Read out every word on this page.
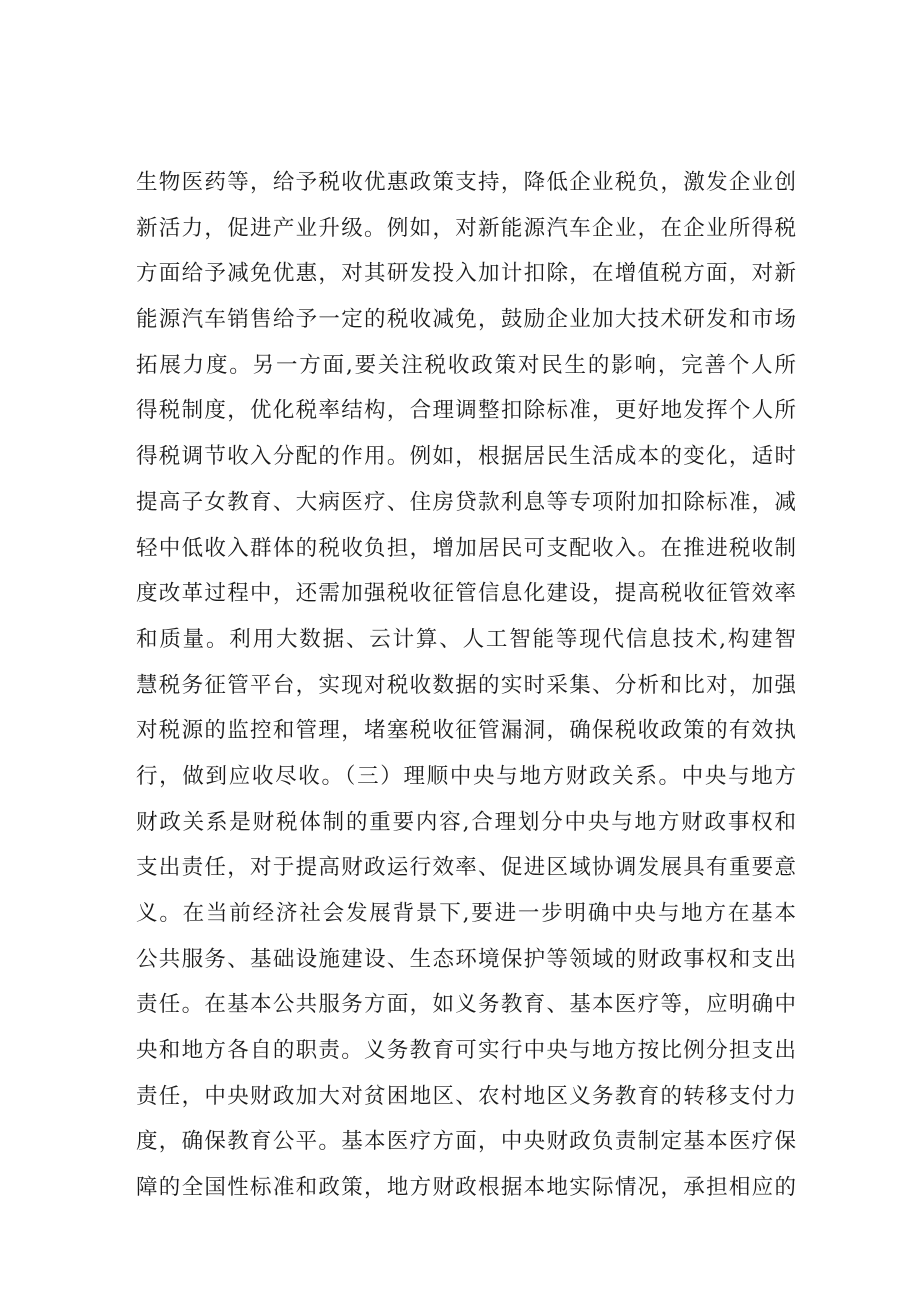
生物医药等，给予税收优惠政策支持，降低企业税负，激发企业创
新活力，促进产业升级。例如，对新能源汽车企业，在企业所得税
方面给予减免优惠，对其研发投入加计扣除，在增值税方面，对新
能源汽车销售给予一定的税收减免，鼓励企业加大技术研发和市场
拓展力度。另一方面,要关注税收政策对民生的影响，完善个人所
得税制度，优化税率结构，合理调整扣除标准，更好地发挥个人所
得税调节收入分配的作用。例如，根据居民生活成本的变化，适时
提高子女教育、大病医疗、住房贷款利息等专项附加扣除标准，减
轻中低收入群体的税收负担，增加居民可支配收入。在推进税收制
度改革过程中，还需加强税收征管信息化建设，提高税收征管效率
和质量。利用大数据、云计算、人工智能等现代信息技术,构建智
慧税务征管平台，实现对税收数据的实时采集、分析和比对，加强
对税源的监控和管理，堵塞税收征管漏洞，确保税收政策的有效执
行，做到应收尽收。（三）理顺中央与地方财政关系。中央与地方
财政关系是财税体制的重要内容,合理划分中央与地方财政事权和
支出责任，对于提高财政运行效率、促进区域协调发展具有重要意
义。在当前经济社会发展背景下,要进一步明确中央与地方在基本
公共服务、基础设施建设、生态环境保护等领域的财政事权和支出
责任。在基本公共服务方面，如义务教育、基本医疗等，应明确中
央和地方各自的职责。义务教育可实行中央与地方按比例分担支出
责任，中央财政加大对贫困地区、农村地区义务教育的转移支付力
度，确保教育公平。基本医疗方面，中央财政负责制定基本医疗保
障的全国性标准和政策，地方财政根据本地实际情况，承担相应的
